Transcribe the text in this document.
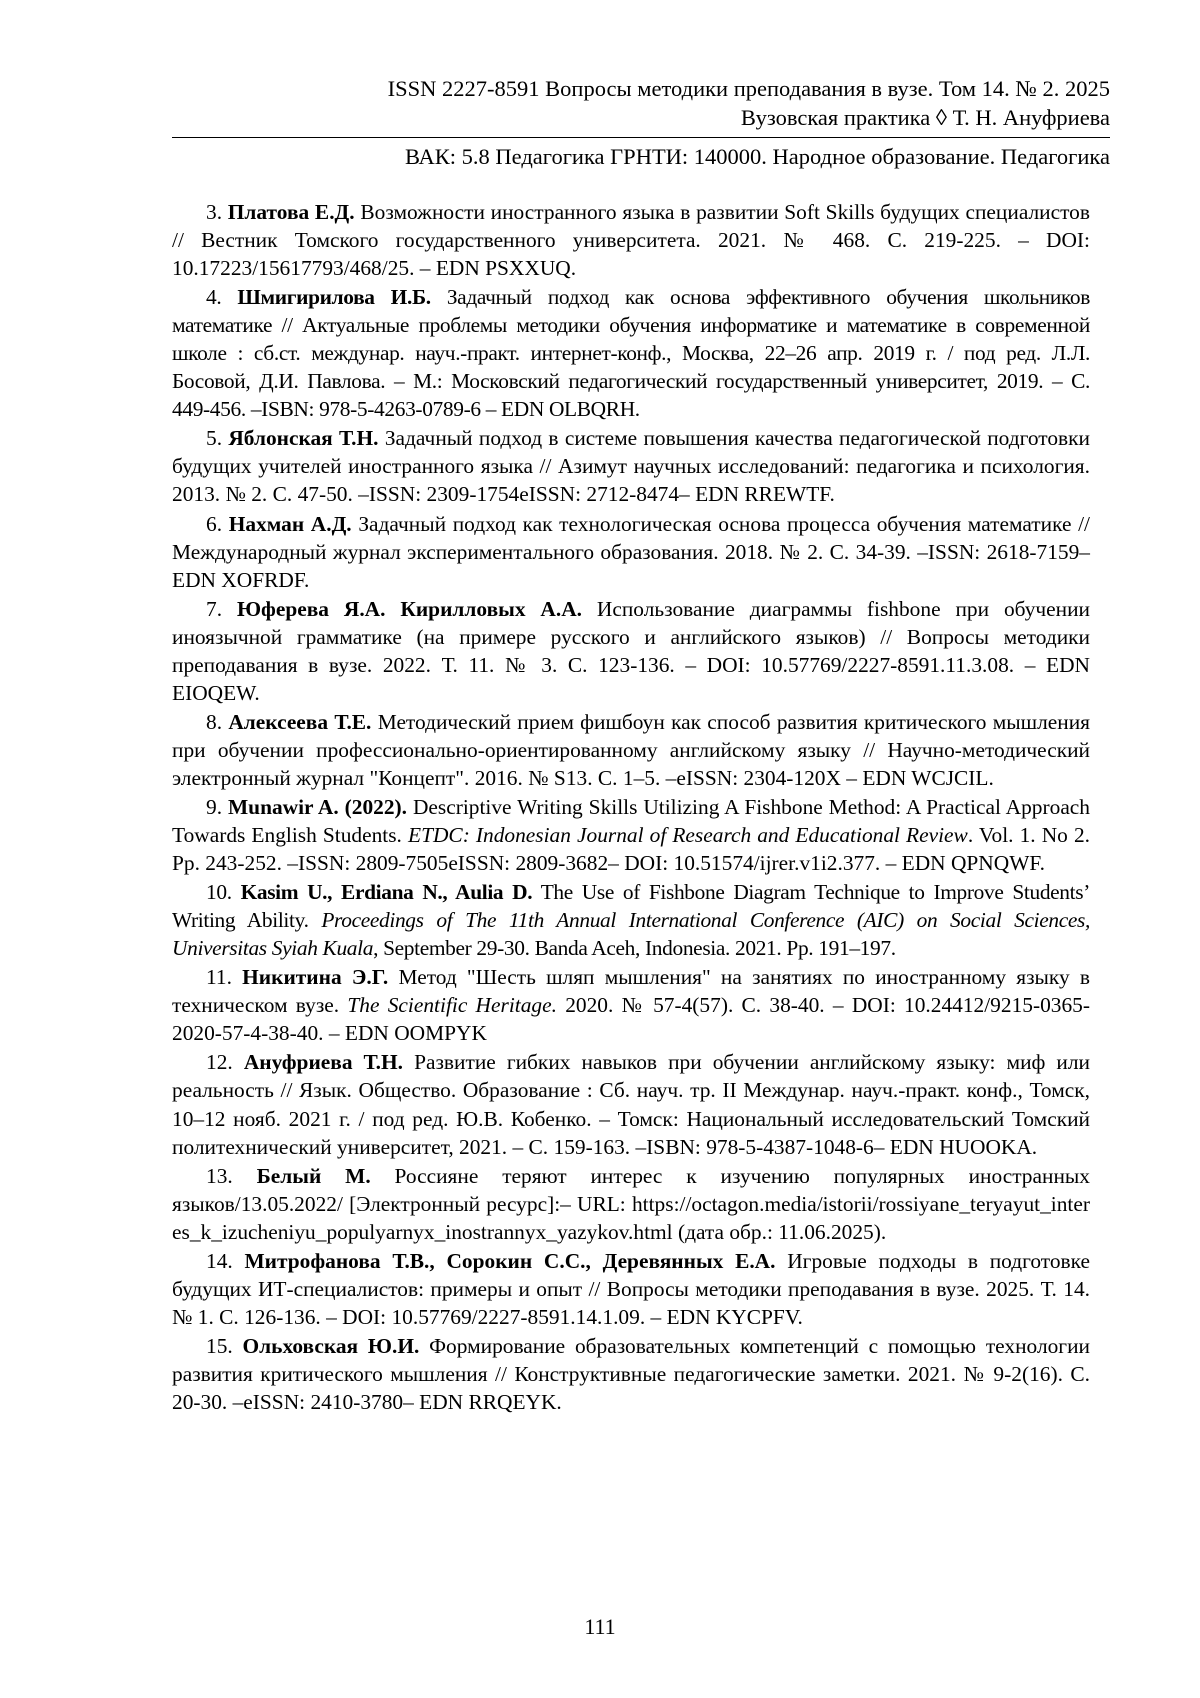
ISSN 2227-8591 Вопросы методики преподавания в вузе. Том 14. № 2. 2025
Вузовская практика ◊ Т. Н. Ануфриева
ВАК: 5.8 Педагогика ГРНТИ: 140000. Народное образование. Педагогика

3. Платова Е.Д. Возможности иностранного языка в развитии Soft Skills будущих специалистов // Вестник Томского государственного университета. 2021. № 468. С. 219-225. – DOI: 10.17223/15617793/468/25. – EDN PSXXUQ.

4. Шмигирилова И.Б. Задачный подход как основа эффективного обучения школьников математике // Актуальные проблемы методики обучения информатике и математике в современной школе : сб.ст. междунар. науч.-практ. интернет-конф., Москва, 22–26 апр. 2019 г. / под ред. Л.Л. Босовой, Д.И. Павлова. – М.: Московский педагогический государственный университет, 2019. – С. 449-456. –ISBN: 978-5-4263-0789-6 – EDN OLBQRH.

5. Яблонская Т.Н. Задачный подход в системе повышения качества педагогической подготовки будущих учителей иностранного языка // Азимут научных исследований: педагогика и психология. 2013. № 2. С. 47-50. –ISSN: 2309-1754eISSN: 2712-8474– EDN RREWTF.

6. Нахман А.Д. Задачный подход как технологическая основа процесса обучения математике // Международный журнал экспериментального образования. 2018. № 2. С. 34-39. –ISSN: 2618-7159– EDN XOFRDF.

7. Юферева Я.А. Кирилловых А.А. Использование диаграммы fishbone при обучении иноязычной грамматике (на примере русского и английского языков) // Вопросы методики преподавания в вузе. 2022. Т. 11. № 3. С. 123-136. – DOI: 10.57769/2227-8591.11.3.08. – EDN EIOQEW.

8. Алексеева Т.Е. Методический прием фишбоун как способ развития критического мышления при обучении профессионально-ориентированному английскому языку // Научно-методический электронный журнал "Концепт". 2016. № S13. С. 1–5. –eISSN: 2304-120X – EDN WCJCIL.

9. Munawir A. (2022). Descriptive Writing Skills Utilizing A Fishbone Method: A Practical Approach Towards English Students. ETDC: Indonesian Journal of Research and Educational Review. Vol. 1. No 2. Pp. 243-252. –ISSN: 2809-7505eISSN: 2809-3682– DOI: 10.51574/ijrer.v1i2.377. – EDN QPNQWF.

10. Kasim U., Erdiana N., Aulia D. The Use of Fishbone Diagram Technique to Improve Students’ Writing Ability. Proceedings of The 11th Annual International Conference (AIC) on Social Sciences, Universitas Syiah Kuala, September 29-30. Banda Aceh, Indonesia. 2021. Pp. 191–197.

11. Никитина Э.Г. Метод "Шесть шляп мышления" на занятиях по иностранному языку в техническом вузе. The Scientific Heritage. 2020. № 57-4(57). С. 38-40. – DOI: 10.24412/9215-0365-2020-57-4-38-40. – EDN OOMPYK

12. Ануфриева Т.Н. Развитие гибких навыков при обучении английскому языку: миф или реальность // Язык. Общество. Образование : Сб. науч. тр. II Междунар. науч.-практ. конф., Томск, 10–12 нояб. 2021 г. / под ред. Ю.В. Кобенко. – Томск: Национальный исследовательский Томский политехнический университет, 2021. – С. 159-163. –ISBN: 978-5-4387-1048-6– EDN HUOOKA.

13. Белый М. Россияне теряют интерес к изучению популярных иностранных языков/13.05.2022/ [Электронный ресурс]:– URL: https://octagon.media/istorii/rossiyane_teryayut_interes_k_izucheniyu_populyarnyx_inostrannyx_yazykov.html (дата обр.: 11.06.2025).

14. Митрофанова Т.В., Сорокин С.С., Деревянных Е.А. Игровые подходы в подготовке будущих ИТ-специалистов: примеры и опыт // Вопросы методики преподавания в вузе. 2025. Т. 14. № 1. С. 126-136. – DOI: 10.57769/2227-8591.14.1.09. – EDN KYCPFV.

15. Ольховская Ю.И. Формирование образовательных компетенций с помощью технологии развития критического мышления // Конструктивные педагогические заметки. 2021. № 9-2(16). С. 20-30. –eISSN: 2410-3780– EDN RRQEYK.

111
